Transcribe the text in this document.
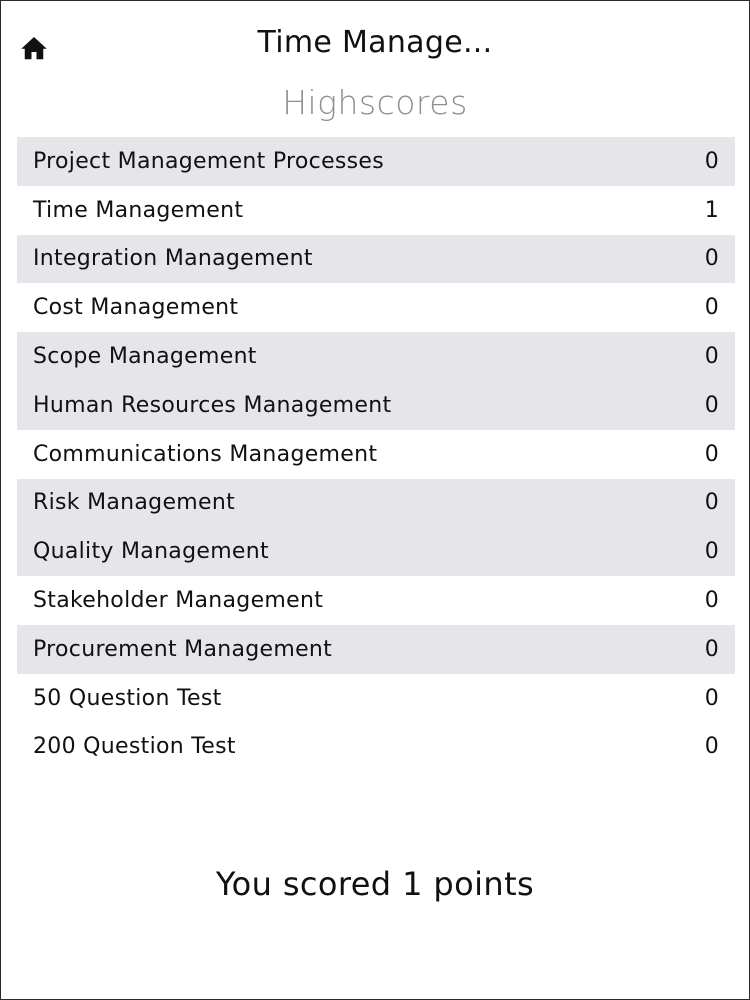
Time Manage...
Highscores
Project Management Processes	0
Time Management	1
Integration Management	0
Cost Management	0
Scope Management	0
Human Resources Management	0
Communications Management	0
Risk Management	0
Quality Management	0
Stakeholder Management	0
Procurement Management	0
50 Question Test	0
200 Question Test	0
You scored 1 points
